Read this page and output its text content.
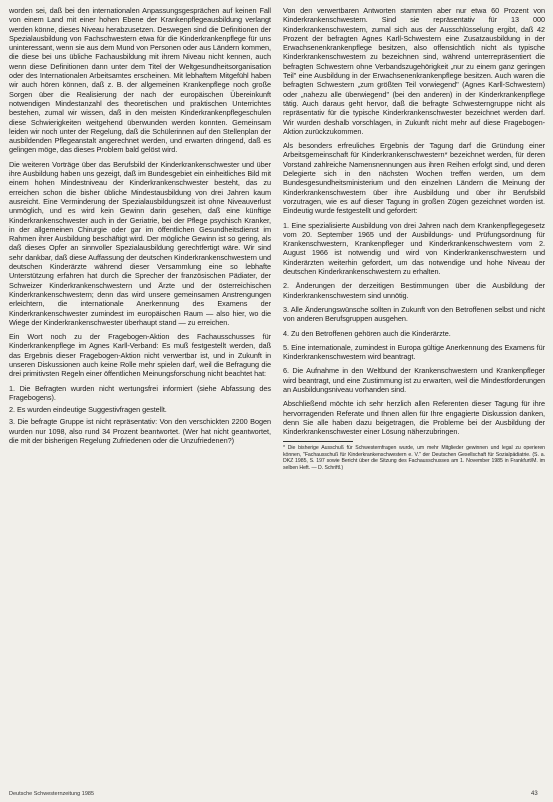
worden sei, daß bei den internationalen Anpassungsgesprächen auf keinen Fall von einem Land mit einer hohen Ebene der Krankenpflegeausbildung verlangt werden könne, dieses Niveau herabzusetzen. Deswegen sind die Definitionen der Spezialausbildung von Fachschwestern etwa für die Kinderkrankenpflege für uns uninteressant, wenn sie aus dem Mund von Personen oder aus Ländern kommen, die diese bei uns übliche Fachausbildung mit ihrem Niveau nicht kennen, auch wenn diese Definitionen dann unter dem Titel der Weltgesundheitsorganisation oder des Internationalen Arbeitsamtes erscheinen. Mit lebhaftem Mitgefühl haben wir auch hören können, daß z. B. der allgemeinen Krankenpflege noch große Sorgen über die Realisierung der nach der europäischen Übereinkunft notwendigen Mindestanzahl des theoretischen und praktischen Unterrichtes bestehen, zumal wir wissen, daß in den meisten Kinderkrankenpflegeschulen diese Schwierigkeiten weitgehend überwunden werden konnten. Gemeinsam leiden wir noch unter der Regelung, daß die Schülerinnen auf den Stellenplan der ausbildenden Pflegeanstalt angerechnet werden, und erwarten dringend, daß es gelingen möge, das dieses Problem bald gelöst wird.

Die weiteren Vorträge über das Berufsbild der Kinderkrankenschwester und über ihre Ausbildung haben uns gezeigt, daß im Bundesgebiet ein einheitliches Bild mit einem hohen Mindestniveau der Kinderkrankenschwester besteht, das zu erreichen schon die bisher übliche Mindestausbildung von drei Jahren kaum ausreicht. Eine Verminderung der Spezialausbildungszeit ist ohne Niveauverlust unmöglich, und es wird kein Gewinn darin gesehen, daß eine künftige Kinderkrankenschwester auch in der Geriatrie, bei der Pflege psychisch Kranker, in der allgemeinen Chirurgie oder gar im öffentlichen Gesundheitsdienst im Rahmen ihrer Ausbildung beschäftigt wird. Der mögliche Gewinn ist so gering, als daß dieses Opfer an sinnvoller Spezialausbildung gerechtfertigt wäre. Wir sind sehr dankbar, daß diese Auffassung der deutschen Kinderkrankenschwestern und deutschen Kinderärzte während dieser Versammlung eine so lebhafte Unterstützung erfahren hat durch die Sprecher der französischen Pädiater, der Schweizer Kinderkrankenschwestern und Ärzte und der österreichischen Kinderkrankenschwestern; denn das wird unsere gemeinsamen Anstrengungen erleichtern, die internationale Anerkennung des Examens der Kinderkrankenschwester zumindest im europäischen Raum — also hier, wo die Wiege der Kinderkrankenschwester überhaupt stand — zu erreichen.

Ein Wort noch zu der Fragebogen-Aktion des Fachausschusses für Kinderkrankenpflege im Agnes Karll-Verband: Es muß festgestellt werden, daß das Ergebnis dieser Fragebogen-Aktion nicht verwertbar ist, und in Zukunft in unseren Diskussionen auch keine Rolle mehr spielen darf, weil die Befragung die drei primitivsten Regeln einer öffentlichen Meinungsforschung nicht beachtet hat:

1. Die Befragten wurden nicht wertungsfrei informiert (siehe Abfassung des Fragebogens).

2. Es wurden eindeutige Suggestivfragen gestellt.

3. Die befragte Gruppe ist nicht repräsentativ: Von den verschickten 2200 Bogen wurden nur 1098, also rund 34 Prozent beantwortet. (Wer hat nicht geantwortet, die mit der bisherigen Regelung Zufriedenen oder die Unzufriedenen?)

Von den verwertbaren Antworten stammten aber nur etwa 60 Prozent von Kinderkrankenschwestern. Sind sie repräsentativ für 13 000 Kinderkrankenschwestern, zumal sich aus der Ausschlüsselung ergibt, daß 42 Prozent der befragten Agnes Karll-Schwestern eine Zusatzausbildung in der Erwachsenenkrankenpflege besitzen, also offensichtlich nicht als typische Kinderkrankenschwestern zu bezeichnen sind, während unterrepräsentiert die befragten Schwestern ohne Verbandszugehörigkeit „nur zu einem ganz geringen Teil" eine Ausbildung in der Erwachsenenkrankenpflege besitzen. Auch waren die befragten Schwestern „zum größten Teil vorwiegend" (Agnes Karll-Schwestern) oder „nahezu alle überwiegend" (bei den anderen) in der Kinderkrankenpflege tätig. Auch daraus geht hervor, daß die befragte Schwesterngruppe nicht als repräsentativ für die typische Kinderkrankenschwester bezeichnet werden darf. Wir wurden deshalb vorschlagen, in Zukunft nicht mehr auf diese Fragebogen-Aktion zurückzukommen.

Als besonders erfreuliches Ergebnis der Tagung darf die Gründung einer Arbeitsgemeinschaft für Kinderkrankenschwestern* bezeichnet werden, für deren Vorstand zahlreiche Namensnennungen aus ihren Reihen erfolgt sind, und deren Delegierte sich in den nächsten Wochen treffen werden, um dem Bundesgesundheitsministerium und den einzelnen Ländern die Meinung der Kinderkrankenschwestern über ihre Ausbildung und über ihr Berufsbild vorzutragen, wie es auf dieser Tagung in großen Zügen gezeichnet worden ist. Eindeutig wurde festgestellt und gefordert:

1. Eine spezialisierte Ausbildung von drei Jahren nach dem Krankenpflegegesetz vom 20. September 1965 und der Ausbildungs- und Prüfungsordnung für Krankenschwestern, Krankenpfleger und Kinderkrankenschwestern vom 2. August 1966 ist notwendig und wird von Kinderkrankenschwestern und Kinderärzten weiterhin gefordert, um das notwendige und hohe Niveau der deutschen Kinderkrankenschwestern zu erhalten.

2. Änderungen der derzeitigen Bestimmungen über die Ausbildung der Kinderkrankenschwestern sind unnötig.

3. Alle Änderungswünsche sollten in Zukunft von den Betroffenen selbst und nicht von anderen Berufsgruppen ausgehen.

4. Zu den Betroffenen gehören auch die Kinderärzte.

5. Eine internationale, zumindest in Europa gültige Anerkennung des Examens für Kinderkrankenschwestern wird beantragt.

6. Die Aufnahme in den Weltbund der Krankenschwestern und Krankenpfleger wird beantragt, und eine Zustimmung ist zu erwarten, weil die Mindestforderungen an Ausbildungsniveau vorhanden sind.

Abschließend möchte ich sehr herzlich allen Referenten dieser Tagung für ihre hervorragenden Referate und Ihnen allen für Ihre engagierte Diskussion danken, denn Sie alle haben dazu beigetragen, die Probleme bei der Ausbildung der Kinderkrankenschwester einer Lösung näherzubringen.

* Die bisherige Ausschuß für Schwesternfragen wurde, um mehr Mitglieder gewinnen und legal zu operieren können, "Fachausschuß für Kinderkrankenschwestern e. V." der Deutschen Gesellschaft für Sozialpädiatrie. (S. a. DKZ 1985, S. 197 sowie Bericht über die Sitzung des Fachausschusses am 1. November 1985 in Frankfurt/M. im selben Heft. — D. Schriftl.)

Deutsche Schwesternzeitung 1985	43
